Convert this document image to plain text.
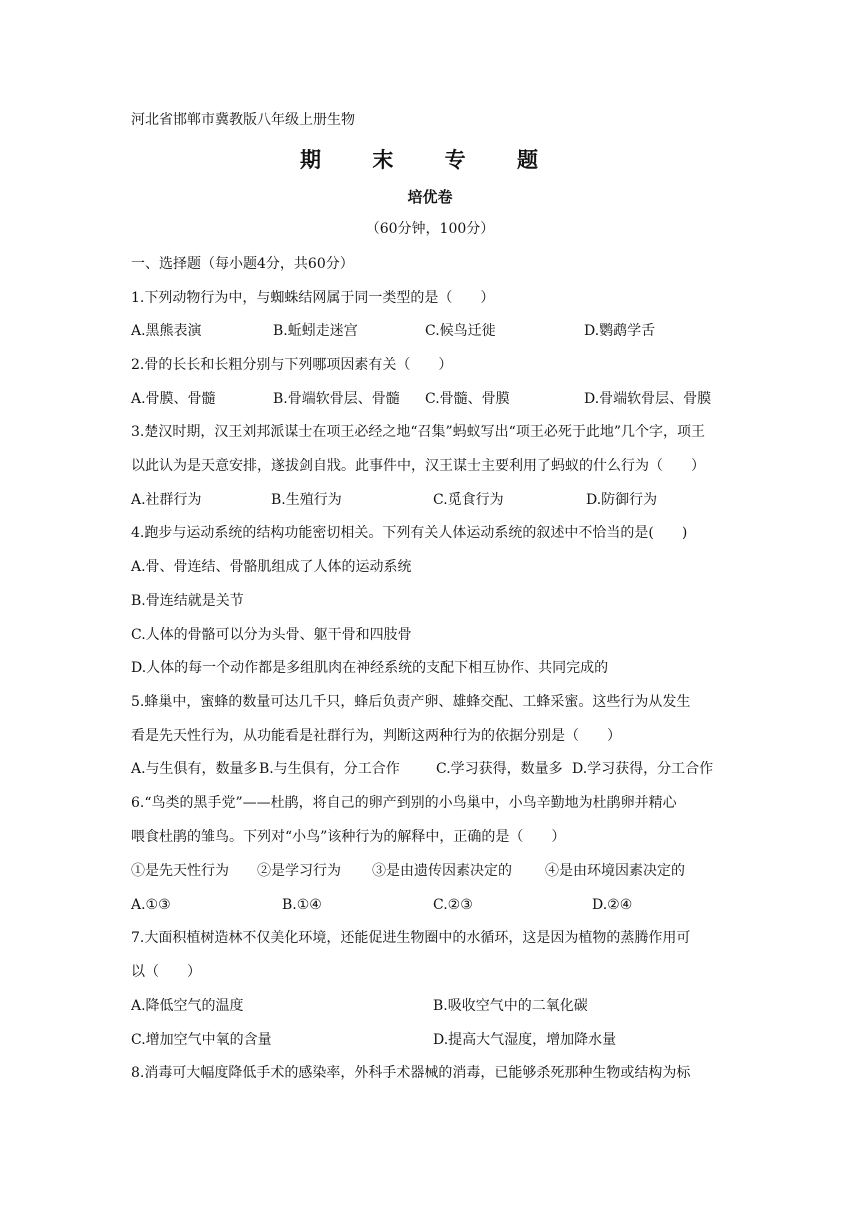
河北省邯郸市冀教版八年级上册生物
期 末 专 题
培优卷
（60分钟，100分）
一、选择题（每小题4分，共60分）
1.下列动物行为中，与蜘蛛结网属于同一类型的是（　　）
A.黑熊表演	B.蚯蚓走迷宫	C.候鸟迁徙	D.鹦鹉学舌
2.骨的长长和长粗分别与下列哪项因素有关（　　）
A.骨膜、骨髓	B.骨端软骨层、骨髓 C.骨髓、骨膜	D.骨端软骨层、骨膜
3.楚汉时期，汉王刘邦派谋士在项王必经之地“召集”蚂蚁写出“项王必死于此地”几个字，项王
以此认为是天意安排，遂拔剑自戕。此事件中，汉王谋士主要利用了蚂蚁的什么行为（　　）
A.社群行为	B.生殖行为	C.觅食行为	D.防御行为
4.跑步与运动系统的结构功能密切相关。下列有关人体运动系统的叙述中不恰当的是(　　)
A.骨、骨连结、骨骼肌组成了人体的运动系统
B.骨连结就是关节
C.人体的骨骼可以分为头骨、躯干骨和四肢骨
D.人体的每一个动作都是多组肌肉在神经系统的支配下相互协作、共同完成的
5.蜂巢中，蜜蜂的数量可达几千只，蜂后负责产卵、雄蜂交配、工蜂采蜜。这些行为从发生
看是先天性行为，从功能看是社群行为，判断这两种行为的依据分别是（　　）
A.与生俱有，数量多 B.与生俱有，分工合作	C.学习获得，数量多 D.学习获得，分工合作
6.“鸟类的黑手党”——杜鹃，将自己的卵产到别的小鸟巢中，小鸟辛勤地为杜鹃卵并精心
喂食杜鹃的雏鸟。下列对“小鸟”该种行为的解释中，正确的是（　　）
①是先天性行为 ②是学习行为 ③是由遗传因素决定的 ④是由环境因素决定的
A.①③	B.①④	C.②③	D.②④
7.大面积植树造林不仅美化环境，还能促进生物圈中的水循环，这是因为植物的蒸腾作用可
以（　　）
A.降低空气的温度	B.吸收空气中的二氧化碳
C.增加空气中氧的含量	D.提高大气湿度，增加降水量
8.消毒可大幅度降低手术的感染率，外科手术器械的消毒，已能够杀死那种生物或结构为标
